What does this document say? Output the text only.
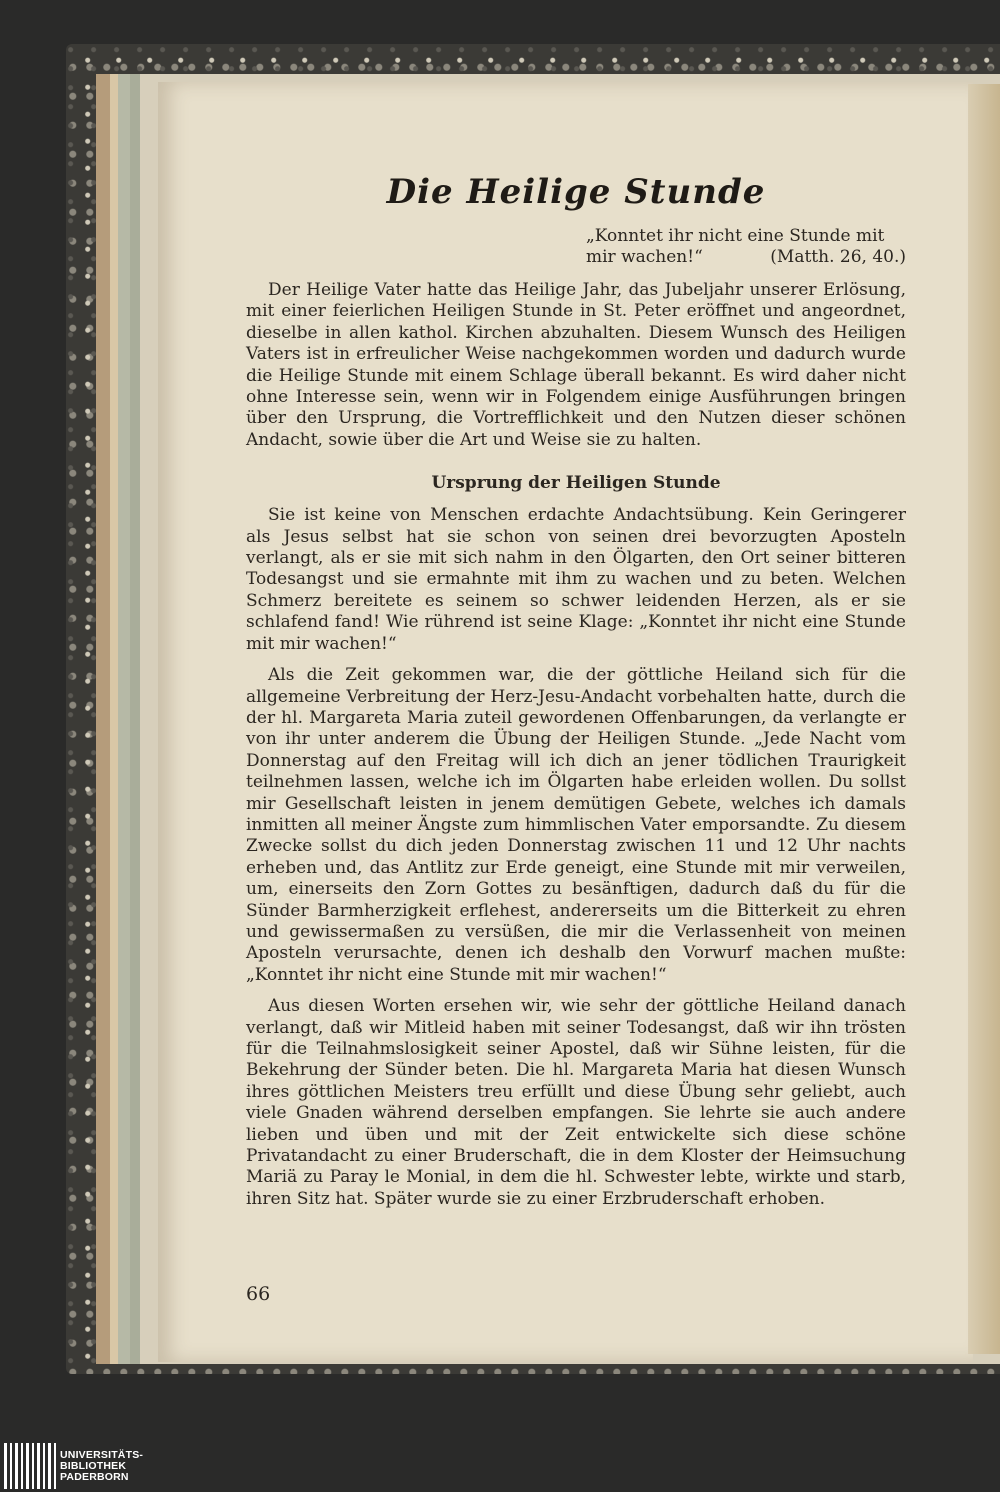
Die Heilige Stunde
„Konntet ihr nicht eine Stunde mit
mir wachen!“	(Matth. 26, 40.)

Der Heilige Vater hatte das Heilige Jahr, das Jubeljahr unserer Erlösung, mit einer feierlichen Heiligen Stunde in St. Peter eröffnet und angeordnet, dieselbe in allen kathol. Kirchen abzuhalten. Diesem Wunsch des Heiligen Vaters ist in erfreulicher Weise nachgekommen worden und dadurch wurde die Heilige Stunde mit einem Schlage überall bekannt. Es wird daher nicht ohne Interesse sein, wenn wir in Folgendem einige Ausführungen bringen über den Ursprung, die Vortrefflichkeit und den Nutzen dieser schönen Andacht, sowie über die Art und Weise sie zu halten.

Ursprung der Heiligen Stunde

Sie ist keine von Menschen erdachte Andachtsübung. Kein Geringerer als Jesus selbst hat sie schon von seinen drei bevorzugten Aposteln verlangt, als er sie mit sich nahm in den Ölgarten, den Ort seiner bitteren Todesangst und sie ermahnte mit ihm zu wachen und zu beten. Welchen Schmerz bereitete es seinem so schwer leidenden Herzen, als er sie schlafend fand! Wie rührend ist seine Klage: „Konntet ihr nicht eine Stunde mit mir wachen!“

Als die Zeit gekommen war, die der göttliche Heiland sich für die allgemeine Verbreitung der Herz-Jesu-Andacht vorbehalten hatte, durch die der hl. Margareta Maria zuteil gewordenen Offenbarungen, da verlangte er von ihr unter anderem die Übung der Heiligen Stunde. „Jede Nacht vom Donnerstag auf den Freitag will ich dich an jener tödlichen Traurigkeit teilnehmen lassen, welche ich im Ölgarten habe erleiden wollen. Du sollst mir Gesellschaft leisten in jenem demütigen Gebete, welches ich damals inmitten all meiner Ängste zum himmlischen Vater emporsandte. Zu diesem Zwecke sollst du dich jeden Donnerstag zwischen 11 und 12 Uhr nachts erheben und, das Antlitz zur Erde geneigt, eine Stunde mit mir verweilen, um, einerseits den Zorn Gottes zu besänftigen, dadurch daß du für die Sünder Barmherzigkeit erflehest, andererseits um die Bitterkeit zu ehren und gewissermaßen zu versüßen, die mir die Verlassenheit von meinen Aposteln verursachte, denen ich deshalb den Vorwurf machen mußte: „Konntet ihr nicht eine Stunde mit mir wachen!“

Aus diesen Worten ersehen wir, wie sehr der göttliche Heiland danach verlangt, daß wir Mitleid haben mit seiner Todesangst, daß wir ihn trösten für die Teilnahmslosigkeit seiner Apostel, daß wir Sühne leisten, für die Bekehrung der Sünder beten. Die hl. Margareta Maria hat diesen Wunsch ihres göttlichen Meisters treu erfüllt und diese Übung sehr geliebt, auch viele Gnaden während derselben empfangen. Sie lehrte sie auch andere lieben und üben und mit der Zeit entwickelte sich diese schöne Privatandacht zu einer Bruderschaft, die in dem Kloster der Heimsuchung Mariä zu Paray le Monial, in dem die hl. Schwester lebte, wirkte und starb, ihren Sitz hat. Später wurde sie zu einer Erzbruderschaft erhoben.

66
UNIVERSITÄTS-
BIBLIOTHEK
PADERBORN
